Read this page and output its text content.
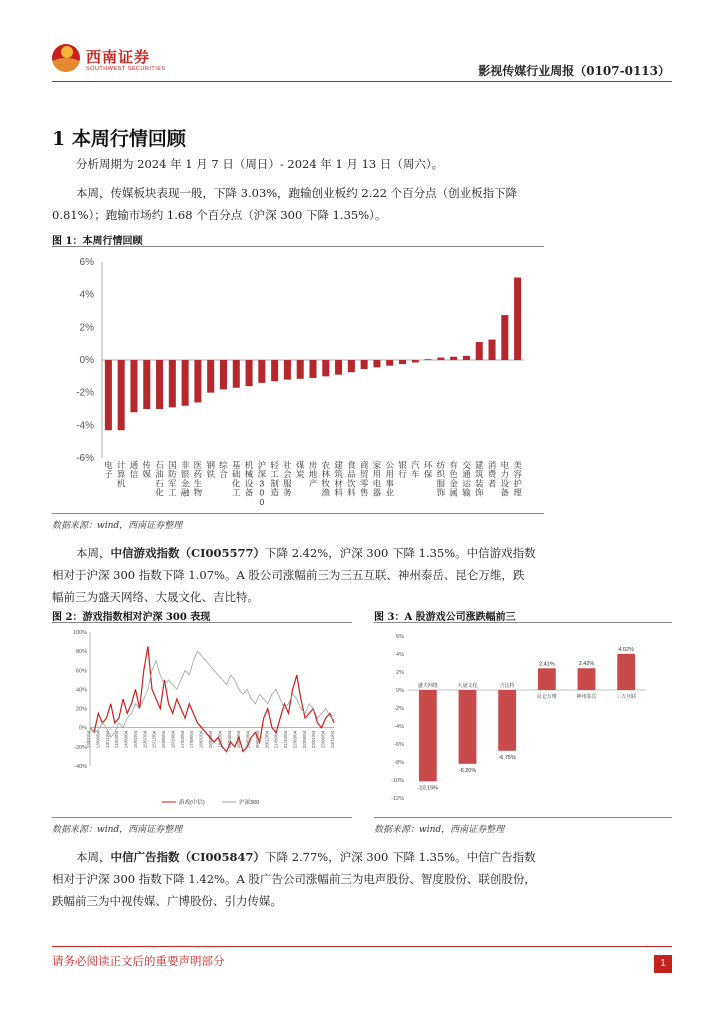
西南证券
SOUTHWEST SECURITIES	影视传媒行业周报（0107-0113）
1 本周行情回顾
分析周期为 2024 年 1 月 7 日（周日）- 2024 年 1 月 13 日（周六）。
本周，传媒板块表现一般，下降 3.03%，跑输创业板约 2.22 个百分点（创业板指下降
0.81%）；跑输市场约 1.68 个百分点（沪深 300 下降 1.35%）。
图 1：本周行情回顾
6%
4%
2%
0%
-2%
-4%
-6%
电子
计算机
通信
传媒
石油石化
国防军工
非银金融
医药生物
钢铁
综合
基础化工
机械设备
沪深 3 0 0
轻工制造
社会服务
煤炭
房地产
农林牧渔
建筑材料
食品饮料
商贸零售
家用电器
公用事业
银行
汽车
环保
纺织服饰
有色金属
交通运输
建筑装饰
消费者
电力设备
美容护理
数据来源：wind，西南证券整理
本周，中信游戏指数（CI005577）下降 2.42%，沪深 300 下降 1.35%。中信游戏指数
相对于沪深 300 指数下降 1.07%。A 股公司涨幅前三为三五互联、神州泰岳、昆仑万维，跌
幅前三为盛天网络、大晟文化、吉比特。
图 2：游戏指数相对沪深 300 表现
100%
80%
60%
40%
20%
0%
-20%
-40%
13/01/04 13/06/04 13/11/04 14/04/04 14/09/04 15/02/04 15/07/04 15/12/04 16/05/04 16/10/04 17/03/04 17/08/04 18/01/04 18/06/04 18/11/04 19/04/04 19/09/04 20/02/04 20/07/04 20/12/04 21/05/04 21/10/04 22/03/04 22/08/04 23/01/04 23/06/04 23/11/04
游戏(中信)	沪深300
数据来源：wind，西南证券整理
图 3：A 股游戏公司涨跌幅前三
6%
4%
2%
0%
-2%
-4%
-6%
-8%
-10%
-12%
-10.15%
盛天网络
-8.20%
大晟文化
-6.75%
吉比特
2.41%
昆仑万维
2.42%
神州泰岳
4.02%
三五互联
数据来源：wind，西南证券整理
本周，中信广告指数（CI005847）下降 2.77%，沪深 300 下降 1.35%。中信广告指数
相对于沪深 300 指数下降 1.42%。A 股广告公司涨幅前三为电声股份、智度股份、联创股份，
跌幅前三为中视传媒、广博股份、引力传媒。
请务必阅读正文后的重要声明部分	1
